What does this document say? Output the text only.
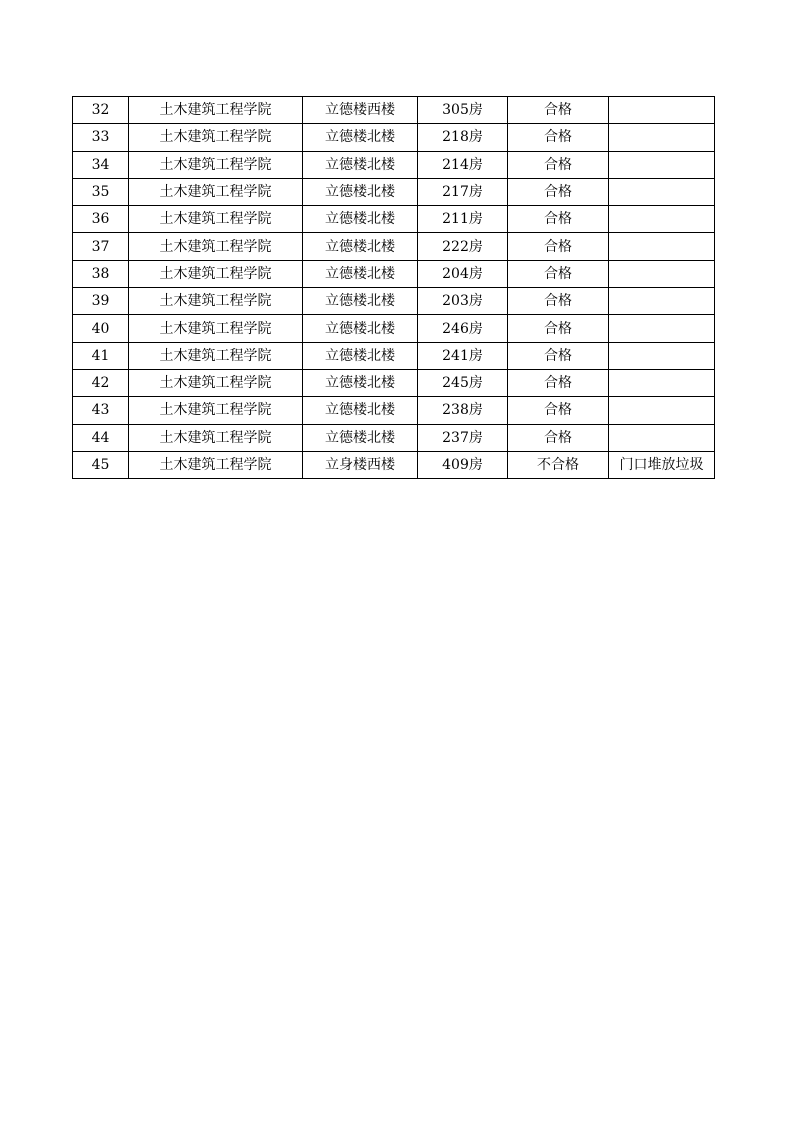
32	土木建筑工程学院	立德楼西楼	305房	合格	
33	土木建筑工程学院	立德楼北楼	218房	合格	
34	土木建筑工程学院	立德楼北楼	214房	合格	
35	土木建筑工程学院	立德楼北楼	217房	合格	
36	土木建筑工程学院	立德楼北楼	211房	合格	
37	土木建筑工程学院	立德楼北楼	222房	合格	
38	土木建筑工程学院	立德楼北楼	204房	合格	
39	土木建筑工程学院	立德楼北楼	203房	合格	
40	土木建筑工程学院	立德楼北楼	246房	合格	
41	土木建筑工程学院	立德楼北楼	241房	合格	
42	土木建筑工程学院	立德楼北楼	245房	合格	
43	土木建筑工程学院	立德楼北楼	238房	合格	
44	土木建筑工程学院	立德楼北楼	237房	合格	
45	土木建筑工程学院	立身楼西楼	409房	不合格	门口堆放垃圾
